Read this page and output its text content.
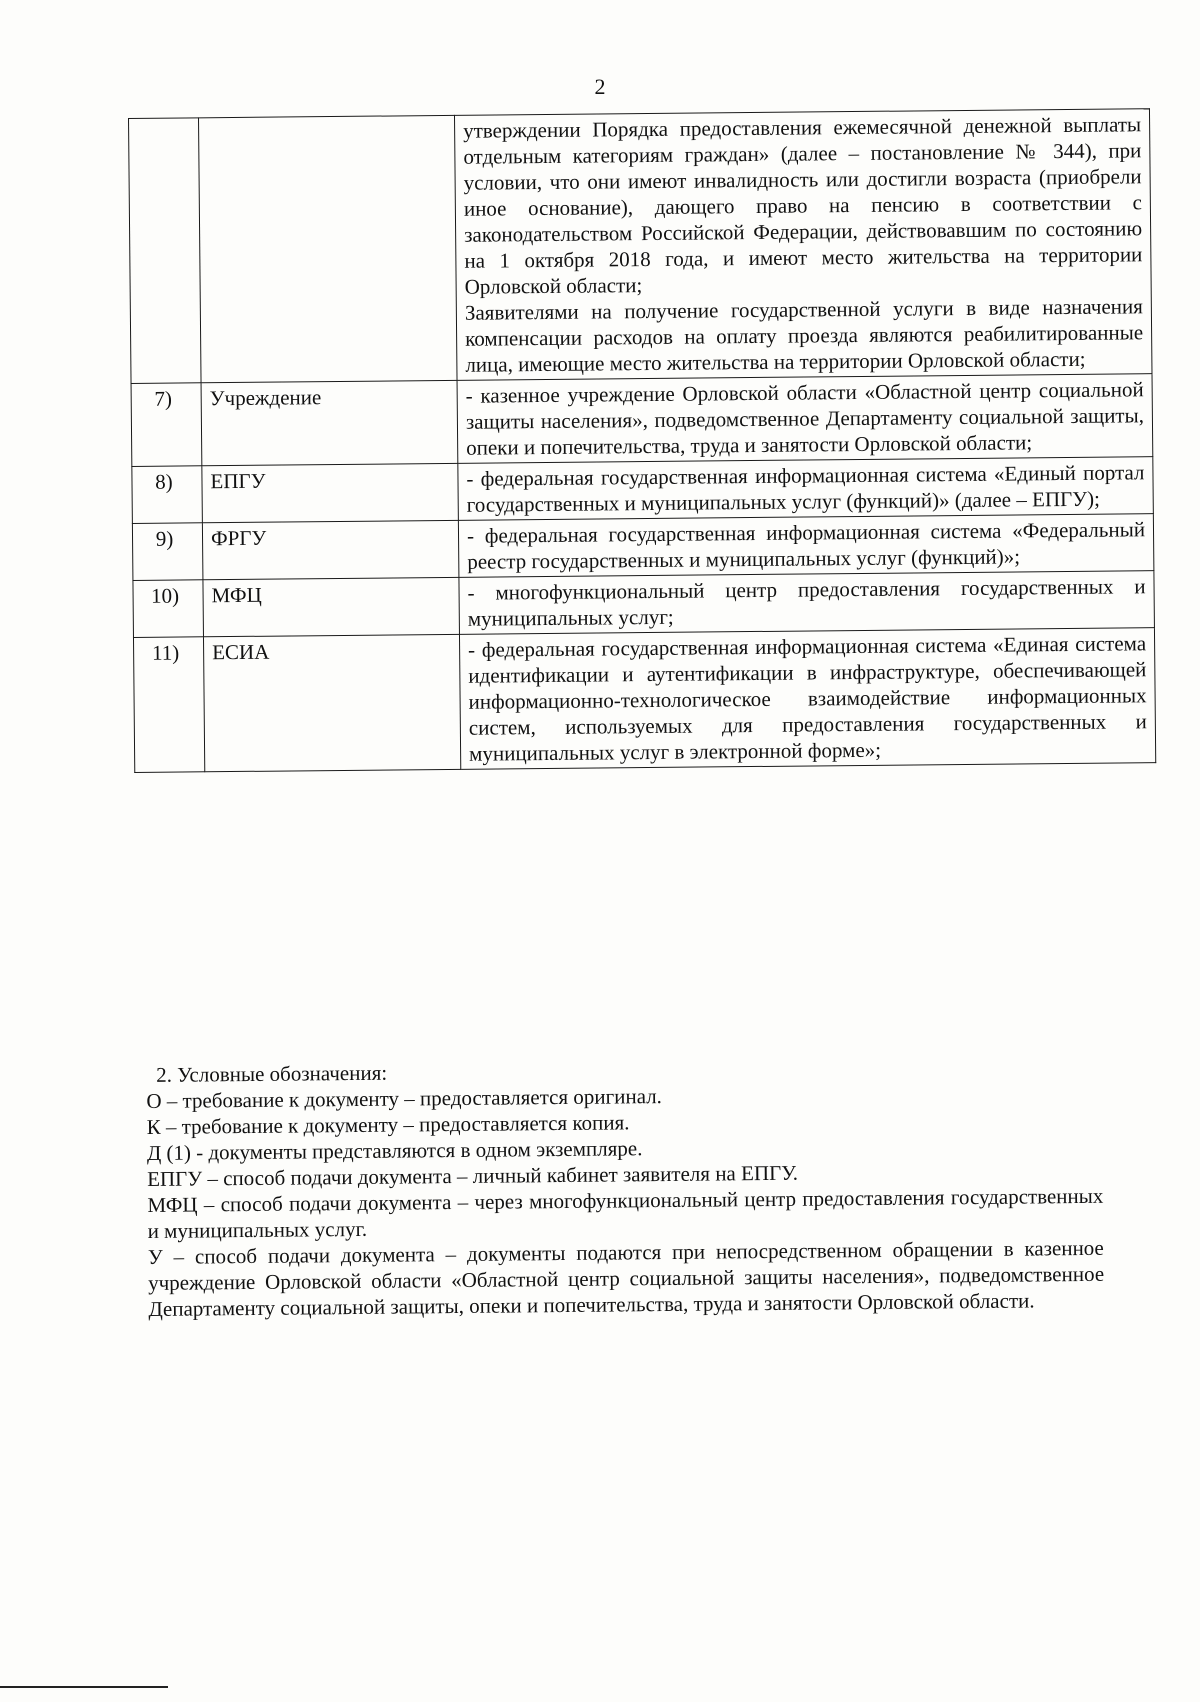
2

		утверждении Порядка предоставления ежемесячной денежной выплаты отдельным категориям граждан» (далее – постановление № 344), при условии, что они имеют инвалидность или достигли возраста (приобрели иное основание), дающего право на пенсию в соответствии с законодательством Российской Федерации, действовавшим по состоянию на 1 октября 2018 года, и имеют место жительства на территории Орловской области;

Заявителями на получение государственной услуги в виде назначения компенсации расходов на оплату проезда являются реабилитированные лица, имеющие место жительства на территории Орловской области;

7)	Учреждение	- казенное учреждение Орловской области «Областной центр социальной защиты населения», подведомственное Департаменту социальной защиты, опеки и попечительства, труда и занятости Орловской области;

8)	ЕПГУ	- федеральная государственная информационная система «Единый портал государственных и муниципальных услуг (функций)» (далее – ЕПГУ);

9)	ФРГУ	- федеральная государственная информационная система «Федеральный реестр государственных и муниципальных услуг (функций)»;

10)	МФЦ	- многофункциональный центр предоставления государственных и муниципальных услуг;

11)	ЕСИА	- федеральная государственная информационная система «Единая система идентификации и аутентификации в инфраструктуре, обеспечивающей информационно-технологическое взаимодействие информационных систем, используемых для предоставления государственных и муниципальных услуг в электронной форме»;

2. Условные обозначения:

О – требование к документу – предоставляется оригинал.

К – требование к документу – предоставляется копия.

Д (1) - документы представляются в одном экземпляре.

ЕПГУ – способ подачи документа – личный кабинет заявителя на ЕПГУ.

МФЦ – способ подачи документа – через многофункциональный центр предоставления государственных и муниципальных услуг.

У – способ подачи документа – документы подаются при непосредственном обращении в казенное учреждение Орловской области «Областной центр социальной защиты населения», подведомственное Департаменту социальной защиты, опеки и попечительства, труда и занятости Орловской области.
